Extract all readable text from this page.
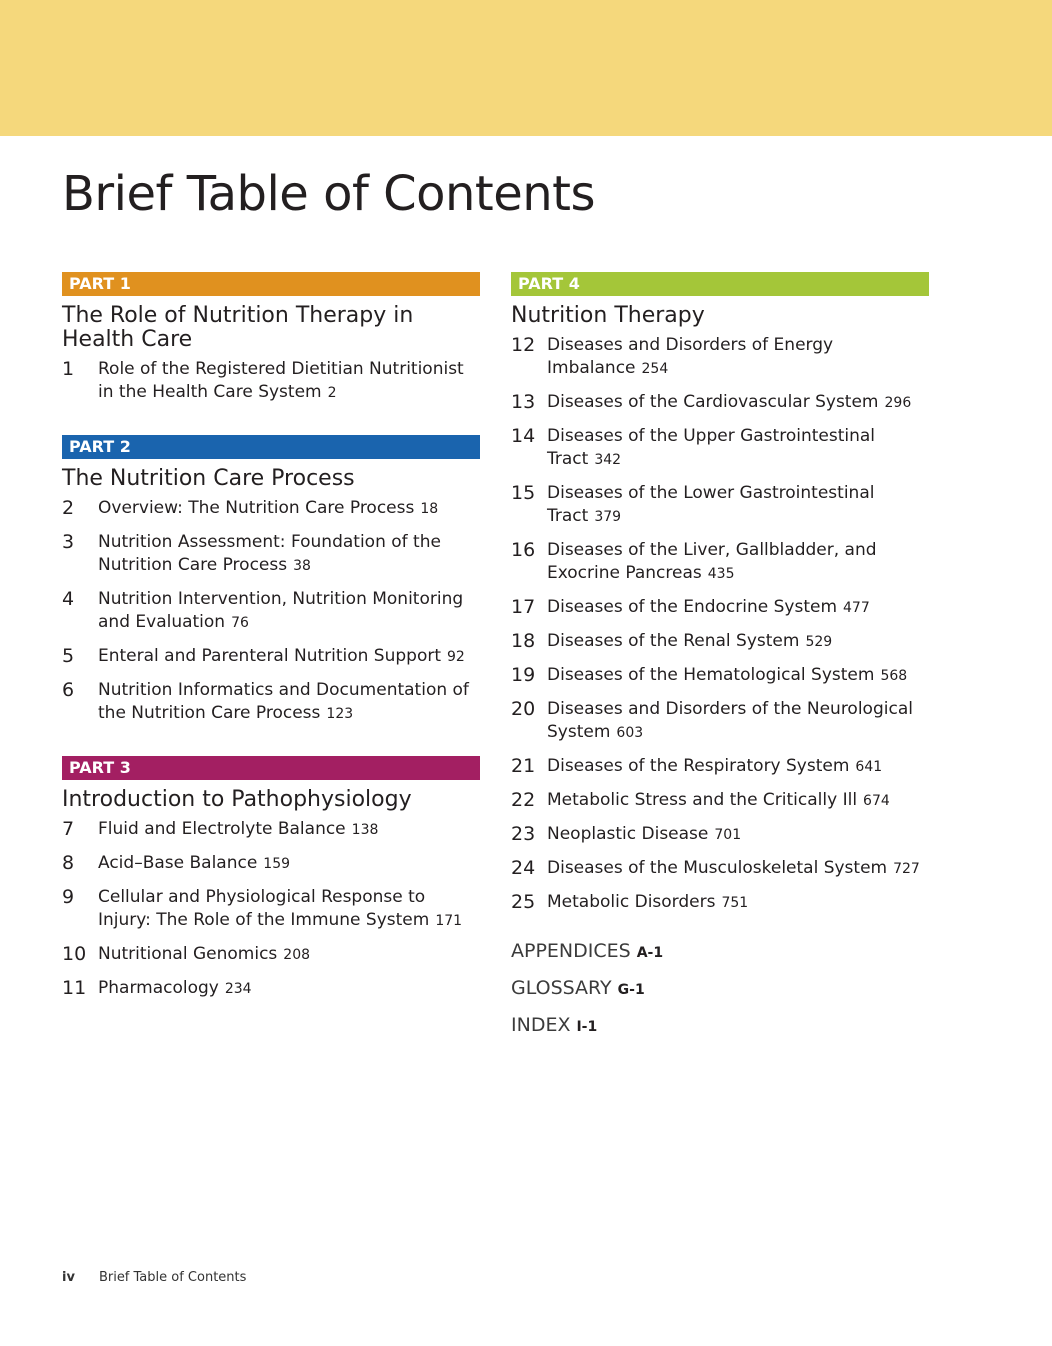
Brief Table of Contents
PART 1
The Role of Nutrition Therapy in Health Care
1	Role of the Registered Dietitian Nutritionist in the Health Care System 2
PART 2
The Nutrition Care Process
2	Overview: The Nutrition Care Process 18
3	Nutrition Assessment: Foundation of the Nutrition Care Process 38
4	Nutrition Intervention, Nutrition Monitoring and Evaluation 76
5	Enteral and Parenteral Nutrition Support 92
6	Nutrition Informatics and Documentation of the Nutrition Care Process 123
PART 3
Introduction to Pathophysiology
7	Fluid and Electrolyte Balance 138
8	Acid–Base Balance 159
9	Cellular and Physiological Response to Injury: The Role of the Immune System 171
10 Nutritional Genomics 208
11 Pharmacology 234
PART 4
Nutrition Therapy
12 Diseases and Disorders of Energy Imbalance 254
13 Diseases of the Cardiovascular System 296
14 Diseases of the Upper Gastrointestinal Tract 342
15 Diseases of the Lower Gastrointestinal Tract 379
16 Diseases of the Liver, Gallbladder, and Exocrine Pancreas 435
17 Diseases of the Endocrine System 477
18 Diseases of the Renal System 529
19 Diseases of the Hematological System 568
20 Diseases and Disorders of the Neurological System 603
21 Diseases of the Respiratory System 641
22 Metabolic Stress and the Critically Ill 674
23 Neoplastic Disease 701
24 Diseases of the Musculoskeletal System 727
25 Metabolic Disorders 751
APPENDICES A-1
GLOSSARY G-1
INDEX I-1
iv Brief Table of Contents
